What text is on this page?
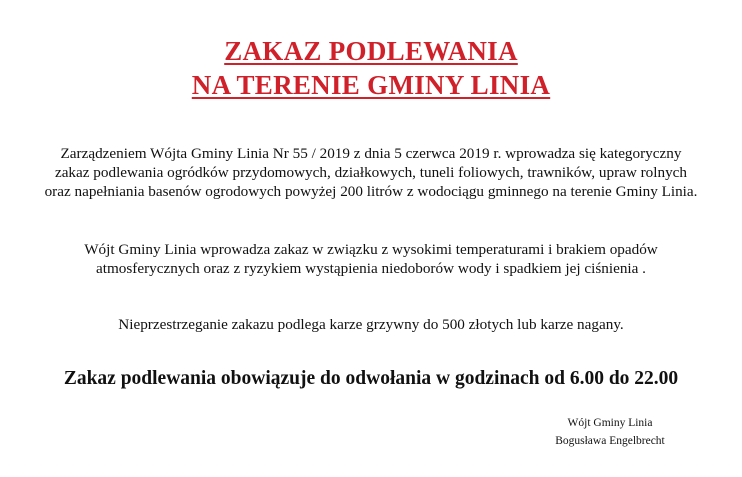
ZAKAZ PODLEWANIA
NA TERENIE GMINY LINIA
Zarządzeniem Wójta Gminy Linia Nr 55 / 2019 z dnia 5 czerwca 2019 r. wprowadza się kategoryczny
zakaz podlewania ogródków przydomowych, działkowych, tuneli foliowych, trawników, upraw rolnych
oraz napełniania basenów ogrodowych powyżej 200 litrów z wodociągu gminnego na terenie Gminy Linia.
Wójt Gminy Linia wprowadza zakaz w związku z wysokimi temperaturami i brakiem opadów
atmosferycznych oraz z ryzykiem wystąpienia niedoborów wody i spadkiem jej ciśnienia .
Nieprzestrzeganie zakazu podlega karze grzywny do 500 złotych lub karze nagany.
Zakaz podlewania obowiązuje do odwołania w godzinach od 6.00 do 22.00
Wójt Gminy Linia
Bogusława Engelbrecht
